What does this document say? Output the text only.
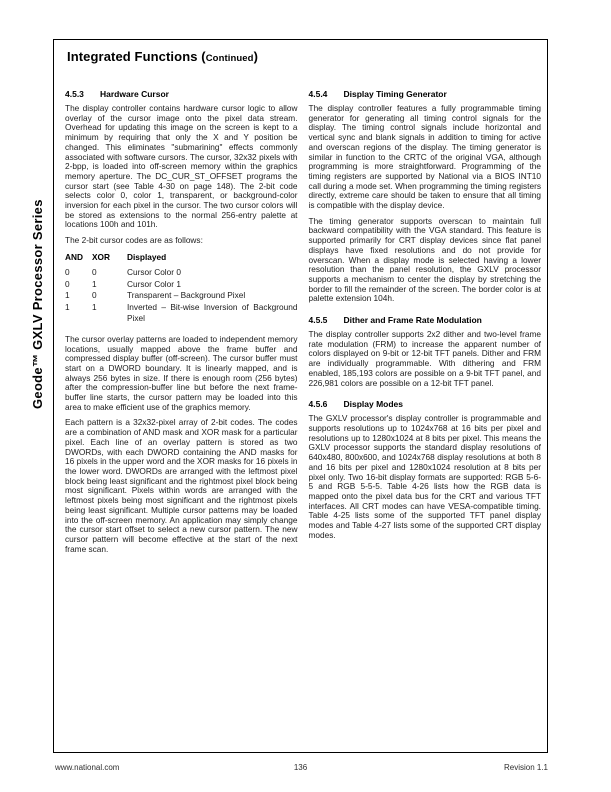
Geode™ GXLV Processor Series
Integrated Functions (Continued)
4.5.3	Hardware Cursor

The display controller contains hardware cursor logic to allow overlay of the cursor image onto the pixel data stream. Overhead for updating this image on the screen is kept to a minimum by requiring that only the X and Y position be changed. This eliminates "submarining" effects commonly associated with software cursors. The cursor, 32x32 pixels with 2-bpp, is loaded into off-screen memory within the graphics memory aperture. The DC_CUR_ST_OFFSET programs the cursor start (see Table 4-30 on page 148). The 2-bit code selects color 0, color 1, transparent, or background-color inversion for each pixel in the cursor. The two cursor colors will be stored as extensions to the normal 256-entry palette at locations 100h and 101h.

The 2-bit cursor codes are as follows:

AND	XOR	Displayed
0	0	Cursor Color 0
0	1	Cursor Color 1
1	0	Transparent – Background Pixel
1	1	Inverted – Bit-wise Inversion of Background Pixel

The cursor overlay patterns are loaded to independent memory locations, usually mapped above the frame buffer and compressed display buffer (off-screen). The cursor buffer must start on a DWORD boundary. It is linearly mapped, and is always 256 bytes in size. If there is enough room (256 bytes) after the compression-buffer line but before the next frame-buffer line starts, the cursor pattern may be loaded into this area to make efficient use of the graphics memory.

Each pattern is a 32x32-pixel array of 2-bit codes. The codes are a combination of AND mask and XOR mask for a particular pixel. Each line of an overlay pattern is stored as two DWORDs, with each DWORD containing the AND masks for 16 pixels in the upper word and the XOR masks for 16 pixels in the lower word. DWORDs are arranged with the leftmost pixel block being least significant and the rightmost pixel block being most significant. Pixels within words are arranged with the leftmost pixels being most significant and the rightmost pixels being least significant. Multiple cursor patterns may be loaded into the off-screen memory. An application may simply change the cursor start offset to select a new cursor pattern. The new cursor pattern will become effective at the start of the next frame scan.

4.5.4	Display Timing Generator

The display controller features a fully programmable timing generator for generating all timing control signals for the display. The timing control signals include horizontal and vertical sync and blank signals in addition to timing for active and overscan regions of the display. The timing generator is similar in function to the CRTC of the original VGA, although programming is more straightforward. Programming of the timing registers are supported by National via a BIOS INT10 call during a mode set. When programming the timing registers directly, extreme care should be taken to ensure that all timing is compatible with the display device.

The timing generator supports overscan to maintain full backward compatibility with the VGA standard. This feature is supported primarily for CRT display devices since flat panel displays have fixed resolutions and do not provide for overscan. When a display mode is selected having a lower resolution than the panel resolution, the GXLV processor supports a mechanism to center the display by stretching the border to fill the remainder of the screen. The border color is at palette extension 104h.

4.5.5	Dither and Frame Rate Modulation

The display controller supports 2x2 dither and two-level frame rate modulation (FRM) to increase the apparent number of colors displayed on 9-bit or 12-bit TFT panels. Dither and FRM are individually programmable. With dithering and FRM enabled, 185,193 colors are possible on a 9-bit TFT panel, and 226,981 colors are possible on a 12-bit TFT panel.

4.5.6	Display Modes

The GXLV processor's display controller is programmable and supports resolutions up to 1024x768 at 16 bits per pixel and resolutions up to 1280x1024 at 8 bits per pixel. This means the GXLV processor supports the standard display resolutions of 640x480, 800x600, and 1024x768 display resolutions at both 8 and 16 bits per pixel and 1280x1024 resolution at 8 bits per pixel only. Two 16-bit display formats are supported: RGB 5-6-5 and RGB 5-5-5. Table 4-26 lists how the RGB data is mapped onto the pixel data bus for the CRT and various TFT interfaces. All CRT modes can have VESA-compatible timing. Table 4-25 lists some of the supported TFT panel display modes and Table 4-27 lists some of the supported CRT display modes.

www.national.com	136	Revision 1.1
